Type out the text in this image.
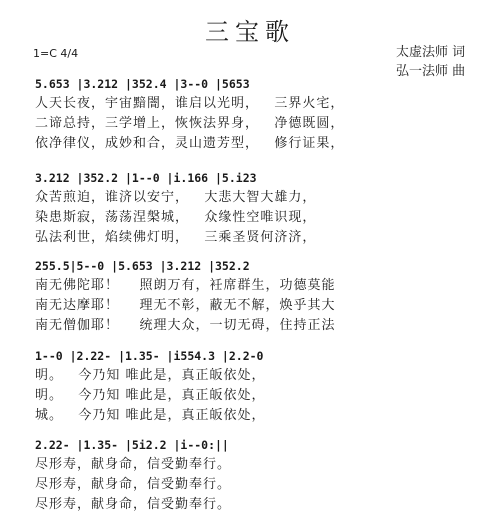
三宝歌
1=C 4/4	太虚法师 词
弘一法师 曲
5.653 |3.212 |352.4 |3--0 |5653
人天长夜，宇宙黯闇，谁启以光明，   三界火宅，
二谛总持，三学增上，恢恢法界身，   净德既圆，
依净律仪，成妙和合，灵山遗芳型，   修行证果，
3.212 |352.2 |1--0 |i.166 |5.i23
众苦煎迫，谁济以安宁，   大悲大智大雄力，
染患斯寂，荡荡涅槃城，   众缘性空唯识现，
弘法利世，焰续佛灯明，   三乘圣贤何济济，
255.5|5--0 |5.653 |3.212 |352.2
南无佛陀耶！    照朗万有，衽席群生，功德莫能
南无达摩耶！    理无不彰，蔽无不解，焕乎其大
南无僧伽耶！    统理大众，一切无碍，住持正法
1--0 |2.22- |1.35- |i554.3 |2.2-0
明。   今乃知 唯此是，真正皈依处，
明。   今乃知 唯此是，真正皈依处，
城。   今乃知 唯此是，真正皈依处，
2.22- |1.35- |5i2.2 |i--0:||
尽形寿，献身命，信受勤奉行。
尽形寿，献身命，信受勤奉行。
尽形寿，献身命，信受勤奉行。
